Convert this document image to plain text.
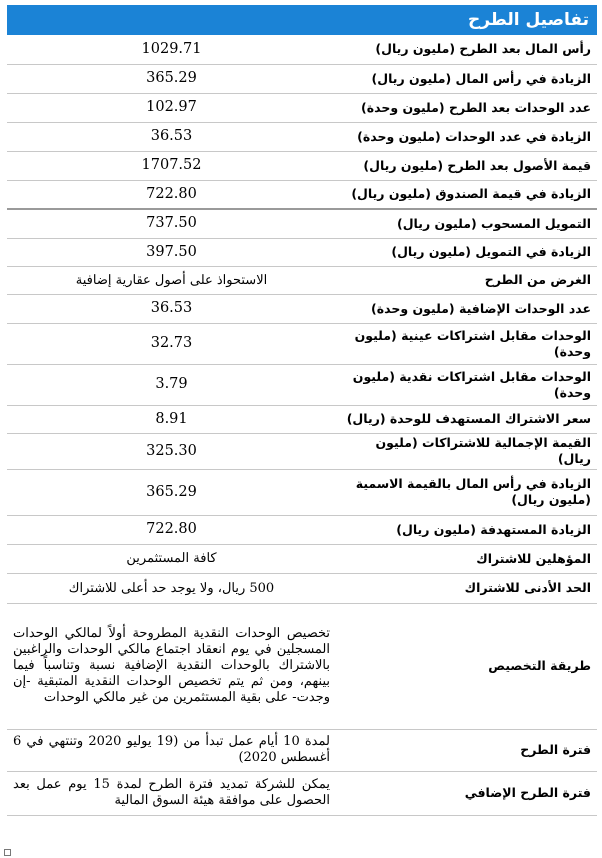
تفاصيل الطرح
رأس المال بعد الطرح (مليون ريال)	1029.71
الزيادة في رأس المال (مليون ريال)	365.29
عدد الوحدات بعد الطرح (مليون وحدة)	102.97
الزيادة في عدد الوحدات (مليون وحدة)	36.53
قيمة الأصول بعد الطرح (مليون ريال)	1707.52
الزيادة في قيمة الصندوق (مليون ريال)	722.80
التمويل المسحوب (مليون ريال)	737.50
الزيادة في التمويل (مليون ريال)	397.50
الغرض من الطرح	الاستحواذ على أصول عقارية إضافية
عدد الوحدات الإضافية (مليون وحدة)	36.53
الوحدات مقابل اشتراكات عينية (مليون وحدة)	32.73
الوحدات مقابل اشتراكات نقدية (مليون وحدة)	3.79
سعر الاشتراك المستهدف للوحدة (ريال)	8.91
القيمة الإجمالية للاشتراكات (مليون ريال)	325.30
الزيادة في رأس المال بالقيمة الاسمية (مليون ريال)	365.29
الزيادة المستهدفة (مليون ريال)	722.80
المؤهلين للاشتراك	كافة المستثمرين
الحد الأدنى للاشتراك	500 ريال، ولا يوجد حد أعلى للاشتراك
طريقة التخصيص	تخصيص الوحدات النقدية المطروحة أولاً لمالكي الوحدات المسجلين في يوم انعقاد اجتماع مالكي الوحدات والراغبين بالاشتراك بالوحدات النقدية الإضافية نسبة وتناسباً فيما بينهم، ومن ثم يتم تخصيص الوحدات النقدية المتبقية -إن وجدت- على بقية المستثمرين من غير مالكي الوحدات
فترة الطرح	لمدة 10 أيام عمل تبدأ من (19 يوليو 2020 وتنتهي في 6 أغسطس 2020)
فترة الطرح الإضافي	يمكن للشركة تمديد فترة الطرح لمدة 15 يوم عمل بعد الحصول على موافقة هيئة السوق المالية
